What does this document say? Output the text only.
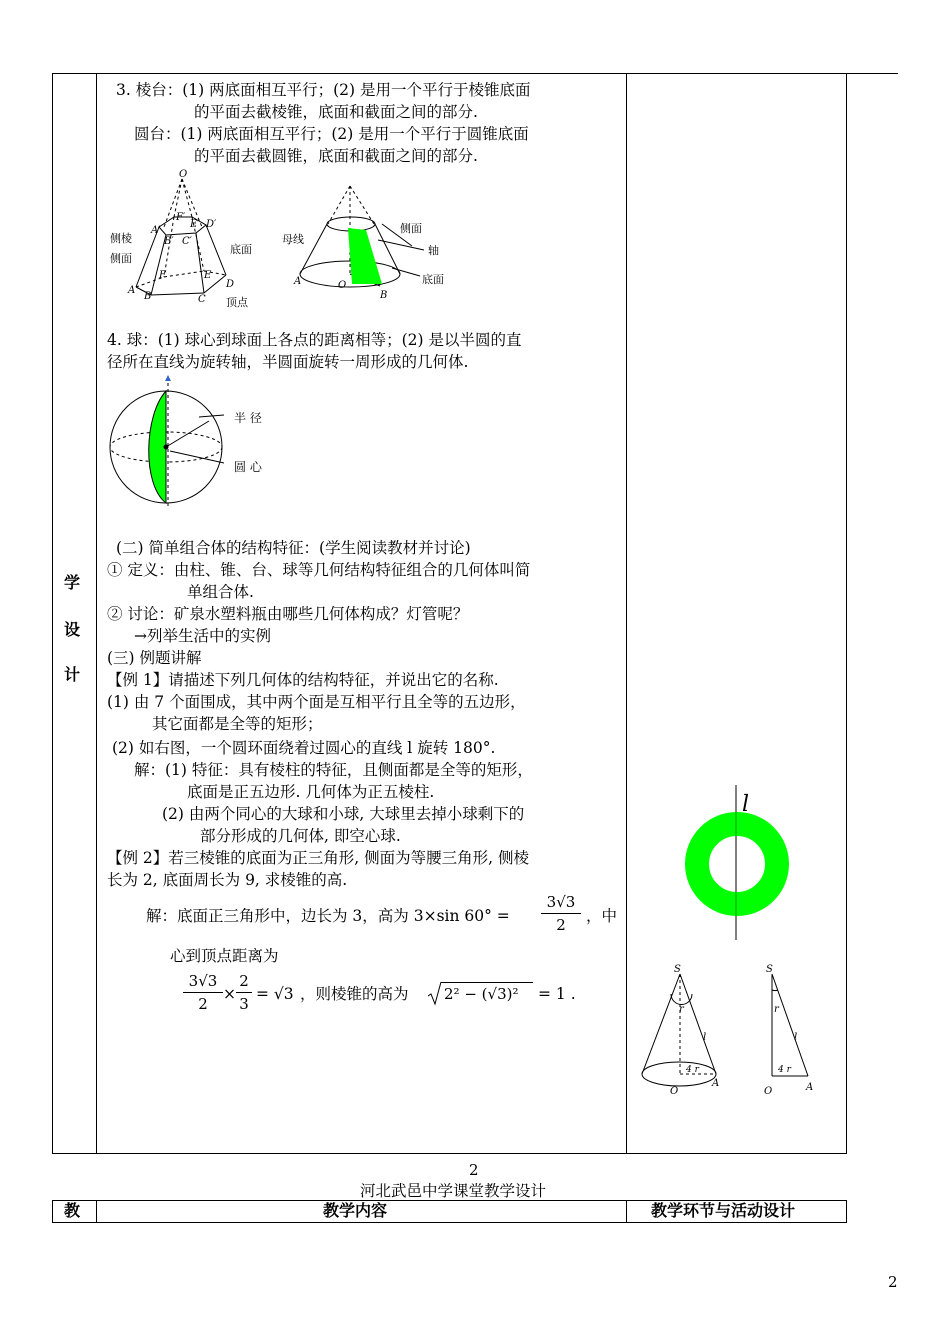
学
设
计
3. 棱台：(1) 两底面相互平行；(2) 是用一个平行于棱锥底面
的平面去截棱锥，底面和截面之间的部分.
圆台：(1) 两底面相互平行；(2) 是用一个平行于圆锥底面
的平面去截圆锥，底面和截面之间的部分.
O
A′
F′
E′ D′
B′ C′
F	E
A
B	C
D
侧棱
侧面
底面
顶点
母线
侧面
轴
底面
A	O
B
4. 球：(1) 球心到球面上各点的距离相等；(2) 是以半圆的直
径所在直线为旋转轴，半圆面旋转一周形成的几何体.
半 径
圆 心
(二) 简单组合体的结构特征：(学生阅读教材并讨论)
① 定义：由柱、锥、台、球等几何结构特征组合的几何体叫简
单组合体.
② 讨论：矿泉水塑料瓶由哪些几何体构成？灯管呢？
→列举生活中的实例
(三) 例题讲解
【例 1】请描述下列几何体的结构特征，并说出它的名称.
(1) 由 7 个面围成，其中两个面是互相平行且全等的五边形，
其它面都是全等的矩形；
(2) 如右图，一个圆环面绕着过圆心的直线 l 旋转 180°.
解：(1) 特征：具有棱柱的特征，且侧面都是全等的矩形，
底面是正五边形. 几何体为正五棱柱.
(2) 由两个同心的大球和小球, 大球里去掉小球剩下的
部分形成的几何体, 即空心球.
【例 2】若三棱锥的底面为正三角形, 侧面为等腰三角形, 侧棱
长为 2, 底面周长为 9, 求棱锥的高.
解：底面正三角形中，边长为 3，高为 3×sin 60° =
3√3
2	，中
心到顶点距离为
3√3
2
×
2
3
= √3 ，则棱锥的高为 2² − (√3)² = 1 .
l
S
r
l
4 r
O
A
S
r
l
4 r
O	A
2
河北武邑中学课堂教学设计
教	教学内容	教学环节与活动设计
2
